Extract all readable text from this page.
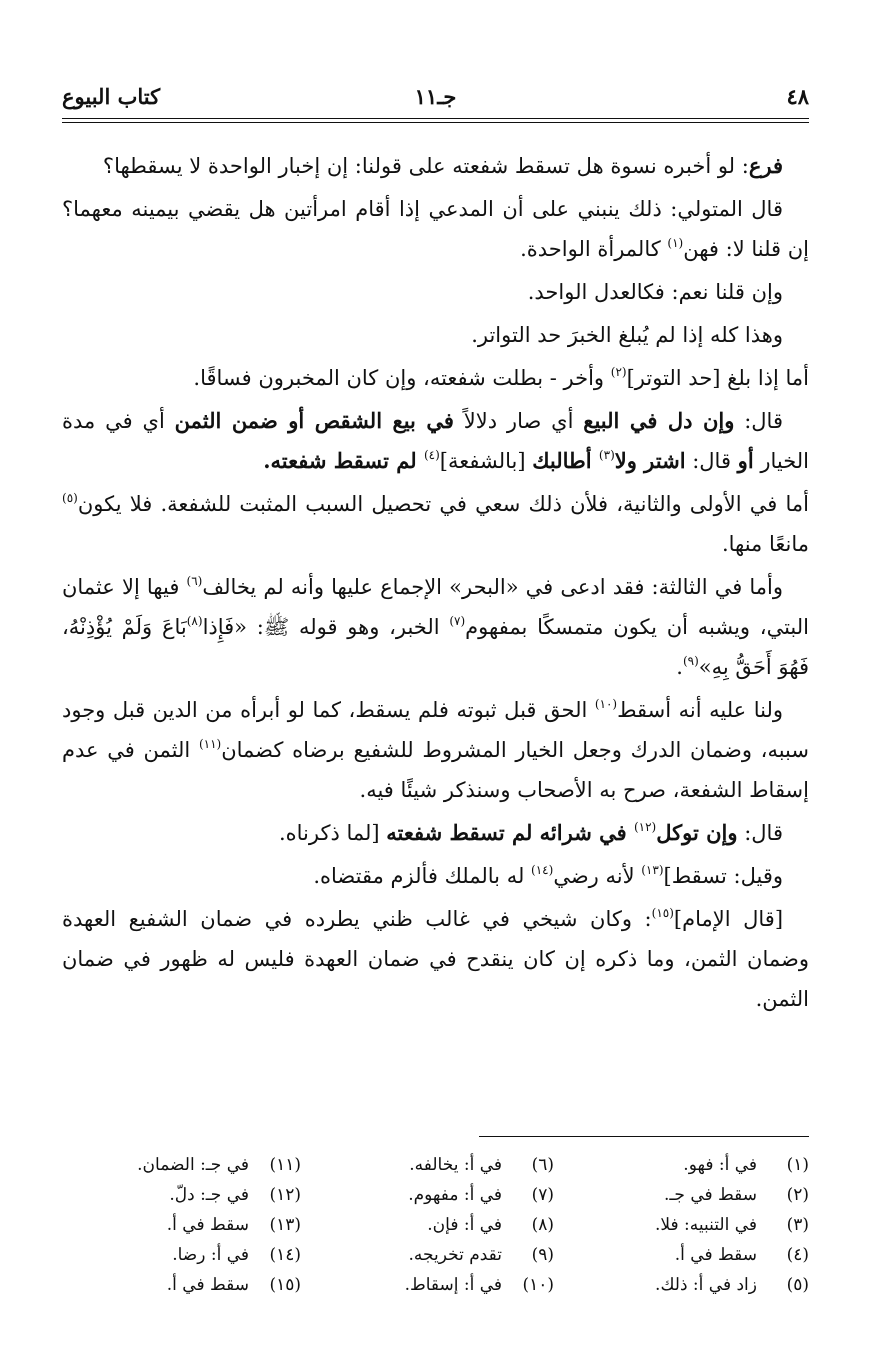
٤٨
جـ١١
كتاب البيوع

فرع: لو أخبره نسوة هل تسقط شفعته على قولنا: إن إخبار الواحدة لا يسقطها؟

قال المتولي: ذلك ينبني على أن المدعي إذا أقام امرأتين هل يقضي بيمينه معهما؟ إن قلنا لا: فهن$^{(١)}$ كالمرأة الواحدة.

وإن قلنا نعم: فكالعدل الواحد.

وهذا كله إذا لم يُبلغ الخبرَ حد التواتر.

أما إذا بلغ [حد التوتر]$^{(٢)}$ وأخر - بطلت شفعته، وإن كان المخبرون فساقًا.

قال: وإن دل في البيع أي صار دلالاً في بيع الشقص أو ضمن الثمن أي في مدة الخيار أو قال: اشتر ولا$^{(٣)}$ أطالبك [بالشفعة]$^{(٤)}$ لم تسقط شفعته.

أما في الأولى والثانية، فلأن ذلك سعي في تحصيل السبب المثبت للشفعة. فلا يكون$^{(٥)}$ مانعًا منها.

وأما في الثالثة: فقد ادعى في «البحر» الإجماع عليها وأنه لم يخالف$^{(٦)}$ فيها إلا عثمان البتي، ويشبه أن يكون متمسكًا بمفهوم$^{(٧)}$ الخبر، وهو قوله ﷺ: «فَإِذا$^{(٨)}$بَاعَ وَلَمْ يُؤْذِنْهُ، فَهُوَ أَحَقُّ بِهِ»$^{(٩)}$.

ولنا عليه أنه أسقط$^{(١٠)}$ الحق قبل ثبوته فلم يسقط، كما لو أبرأه من الدين قبل وجود سببه، وضمان الدرك وجعل الخيار المشروط للشفيع برضاه كضمان$^{(١١)}$ الثمن في عدم إسقاط الشفعة، صرح به الأصحاب وسنذكر شيئًا فيه.

قال: وإن توكل$^{(١٢)}$ في شرائه لم تسقط شفعته [لما ذكرناه.

وقيل: تسقط]$^{(١٣)}$ لأنه رضي$^{(١٤)}$ له بالملك فألزم مقتضاه.

[قال الإمام]$^{(١٥)}$: وكان شيخي في غالب ظني يطرده في ضمان الشفيع العهدة وضمان الثمن، وما ذكره إن كان ينقدح في ضمان العهدة فليس له ظهور في ضمان الثمن.

(١)في أ: فهو.
(٢)سقط في جـ.
(٣)في التنبيه: فلا.
(٤)سقط في أ.
(٥)زاد في أ: ذلك.
(٦)في أ: يخالفه.
(٧)في أ: مفهوم.
(٨)في أ: فإن.
(٩)تقدم تخريجه.
(١٠)في أ: إسقاط.
(١١)في جـ: الضمان.
(١٢)في جـ: دلّ.
(١٣)سقط في أ.
(١٤)في أ: رضا.
(١٥)سقط في أ.
